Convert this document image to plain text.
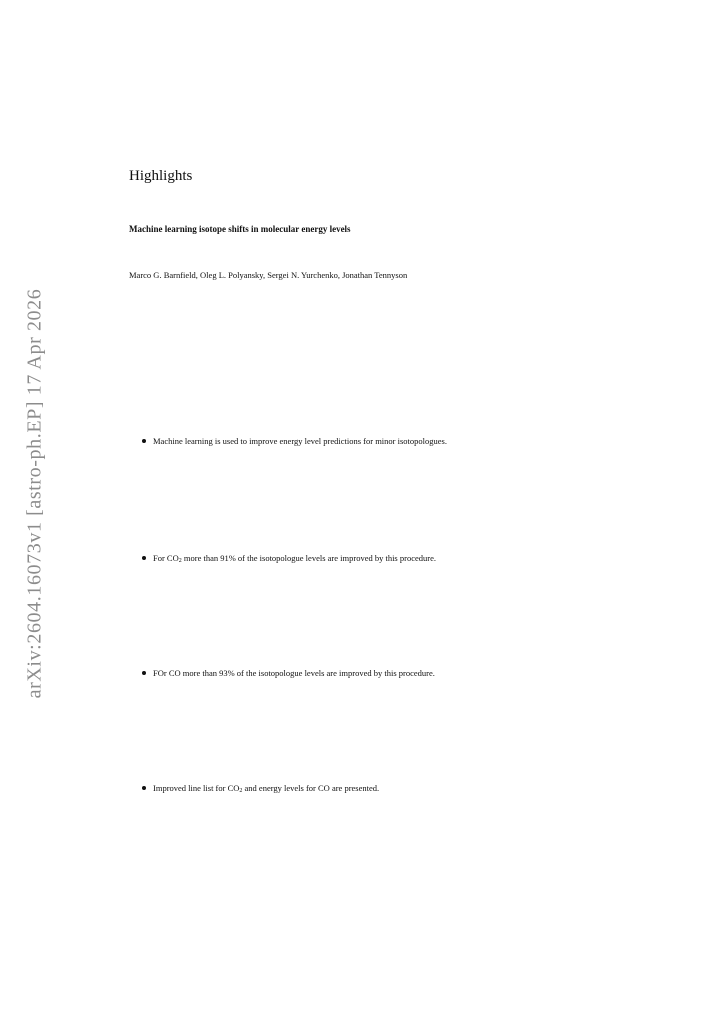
arXiv:2604.16073v1 [astro-ph.EP] 17 Apr 2026
Highlights
Machine learning isotope shifts in molecular energy levels

Marco G. Barnfield, Oleg L. Polyansky, Sergei N. Yurchenko, Jonathan Tennyson

Machine learning is used to improve energy level predictions for minor isotopologues.
For $CO_2$ more than 91% of the isotopologue levels are improved by this procedure.
FOr CO more than 93% of the isotopologue levels are improved by this procedure.
Improved line list for $CO_2$ and energy levels for CO are presented.
